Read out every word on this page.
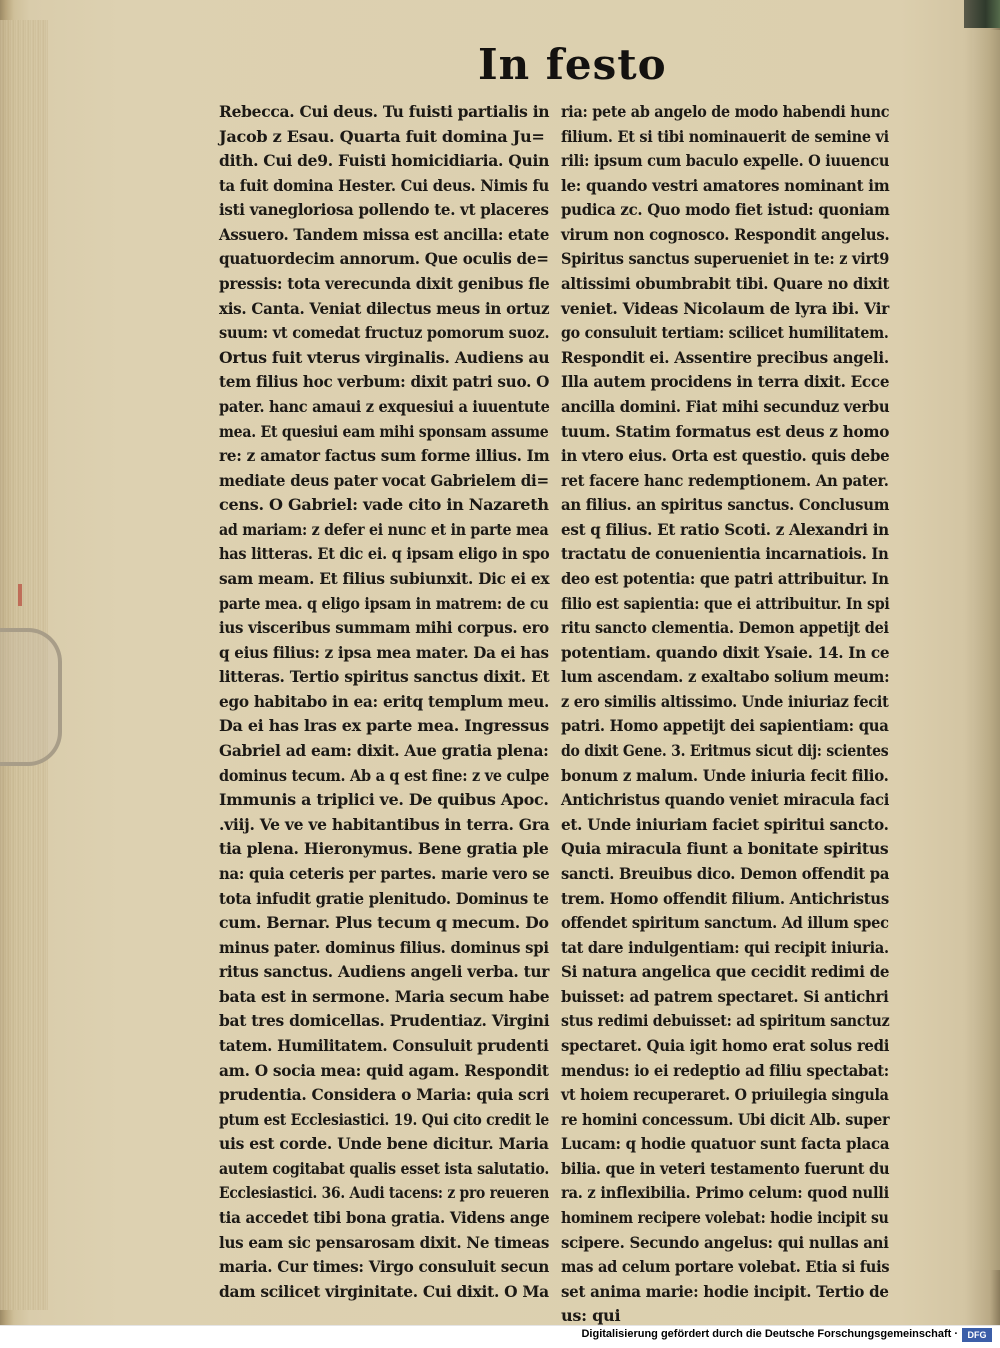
In festo
Rebecca. Cui deus. Tu fuisti partialis in
Jacob z Esau. Quarta fuit domina Ju=
dith. Cui de9. Fuisti homicidiaria. Quin
ta fuit domina Hester. Cui deus. Nimis fu
isti vanegloriosa pollendo te. vt placeres
Assuero. Tandem missa est ancilla: etate
quatuordecim annorum. Que oculis de=
pressis: tota verecunda dixit genibus fle
xis. Canta. Veniat dilectus meus in ortuz
suum: vt comedat fructuz pomorum suoz.
Ortus fuit vterus virginalis. Audiens au
tem filius hoc verbum: dixit patri suo. O
pater. hanc amaui z exquesiui a iuuentute
mea. Et quesiui eam mihi sponsam assume
re: z amator factus sum forme illius. Im
mediate deus pater vocat Gabrielem di=
cens. O Gabriel: vade cito in Nazareth
ad mariam: z defer ei nunc et in parte mea
has litteras. Et dic ei. q ipsam eligo in spo
sam meam. Et filius subiunxit. Dic ei ex
parte mea. q eligo ipsam in matrem: de cu
ius visceribus summam mihi corpus. ero
q eius filius: z ipsa mea mater. Da ei has
litteras. Tertio spiritus sanctus dixit. Et
ego habitabo in ea: eritq templum meu.
Da ei has lras ex parte mea. Ingressus
Gabriel ad eam: dixit. Aue gratia plena:
dominus tecum. Ab a q est fine: z ve culpe
Immunis a triplici ve. De quibus Apoc.
.viij. Ve ve ve habitantibus in terra. Gra
tia plena. Hieronymus. Bene gratia ple
na: quia ceteris per partes. marie vero se
tota infudit gratie plenitudo. Dominus te
cum. Bernar. Plus tecum q mecum. Do
minus pater. dominus filius. dominus spi
ritus sanctus. Audiens angeli verba. tur
bata est in sermone. Maria secum habe
bat tres domicellas. Prudentiaz. Virgini
tatem. Humilitatem. Consuluit prudenti
am. O socia mea: quid agam. Respondit
prudentia. Considera o Maria: quia scri
ptum est Ecclesiastici. 19. Qui cito credit le
uis est corde. Unde bene dicitur. Maria
autem cogitabat qualis esset ista salutatio.
Ecclesiastici. 36. Audi tacens: z pro reueren
tia accedet tibi bona gratia. Videns ange
lus eam sic pensarosam dixit. Ne timeas
maria. Cur times: Virgo consuluit secun
dam scilicet virginitate. Cui dixit. O Ma
ria: pete ab angelo de modo habendi hunc
filium. Et si tibi nominauerit de semine vi
rili: ipsum cum baculo expelle. O iuuencu
le: quando vestri amatores nominant im
pudica zc. Quo modo fiet istud: quoniam
virum non cognosco. Respondit angelus.
Spiritus sanctus superueniet in te: z virt9
altissimi obumbrabit tibi. Quare no dixit
veniet. Videas Nicolaum de lyra ibi. Vir
go consuluit tertiam: scilicet humilitatem.
Respondit ei. Assentire precibus angeli.
Illa autem procidens in terra dixit. Ecce
ancilla domini. Fiat mihi secunduz verbu
tuum. Statim formatus est deus z homo
in vtero eius. Orta est questio. quis debe
ret facere hanc redemptionem. An pater.
an filius. an spiritus sanctus. Conclusum
est q filius. Et ratio Scoti. z Alexandri in
tractatu de conuenientia incarnatiois. In
deo est potentia: que patri attribuitur. In
filio est sapientia: que ei attribuitur. In spi
ritu sancto clementia. Demon appetijt dei
potentiam. quando dixit Ysaie. 14. In ce
lum ascendam. z exaltabo solium meum:
z ero similis altissimo. Unde iniuriaz fecit
patri. Homo appetijt dei sapientiam: qua
do dixit Gene. 3. Eritmus sicut dij: scientes
bonum z malum. Unde iniuria fecit filio.
Antichristus quando veniet miracula faci
et. Unde iniuriam faciet spiritui sancto.
Quia miracula fiunt a bonitate spiritus
sancti. Breuibus dico. Demon offendit pa
trem. Homo offendit filium. Antichristus
offendet spiritum sanctum. Ad illum spec
tat dare indulgentiam: qui recipit iniuria.
Si natura angelica que cecidit redimi de
buisset: ad patrem spectaret. Si antichri
stus redimi debuisset: ad spiritum sanctuz
spectaret. Quia igit homo erat solus redi
mendus: io ei redeptio ad filiu spectabat:
vt hoiem recuperaret. O priuilegia singula
re homini concessum. Ubi dicit Alb. super
Lucam: q hodie quatuor sunt facta placa
bilia. que in veteri testamento fuerunt du
ra. z inflexibilia. Primo celum: quod nulli
hominem recipere volebat: hodie incipit su
scipere. Secundo angelus: qui nullas ani
mas ad celum portare volebat. Etia si fuis
set anima marie: hodie incipit. Tertio de
us: qui
Digitalisierung gefördert durch die Deutsche Forschungsgemeinschaft ·	DFG
